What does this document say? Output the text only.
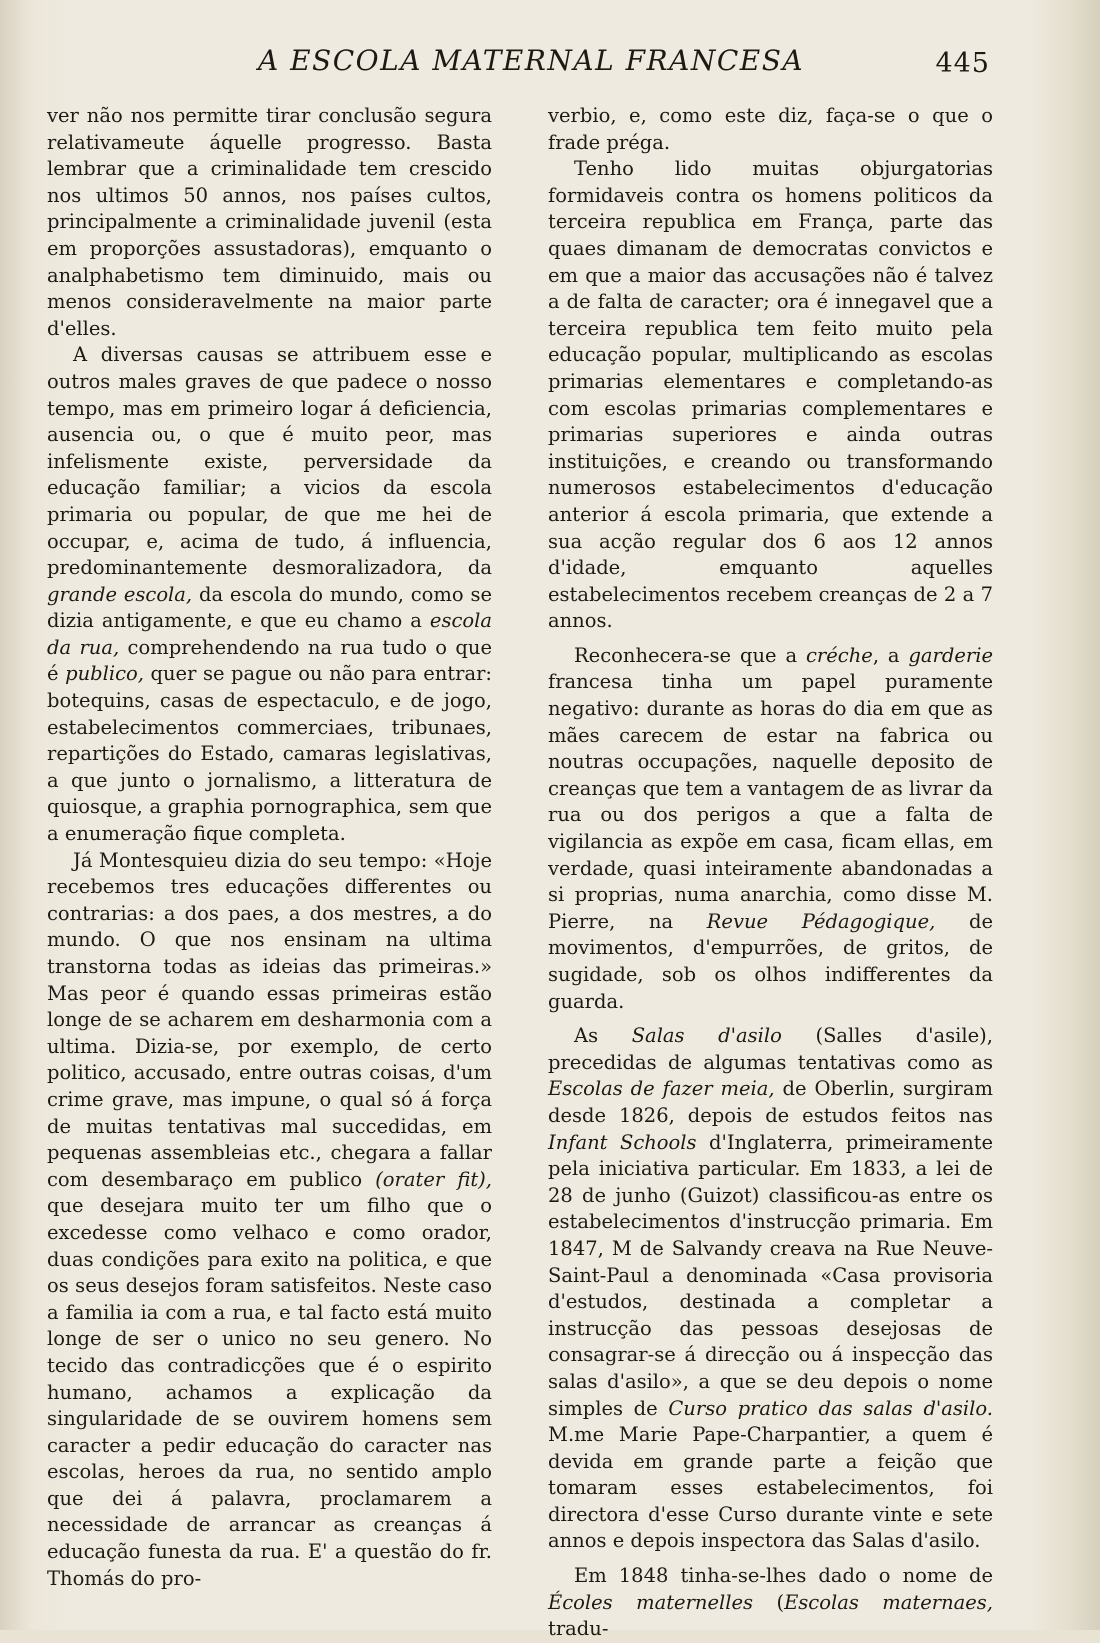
A ESCOLA MATERNAL FRANCESA	445

ver não nos permitte tirar conclusão segura relativameute áquelle progresso. Basta lembrar que a criminalidade tem crescido nos ultimos 50 annos, nos países cultos, principalmente a criminalidade juvenil (esta em proporções assustadoras), emquanto o analphabetismo tem diminuido, mais ou menos consideravelmente na maior parte d'elles.

A diversas causas se attribuem esse e outros males graves de que padece o nosso tempo, mas em primeiro logar á deficiencia, ausencia ou, o que é muito peor, mas infelismente existe, perversidade da educação familiar; a vicios da escola primaria ou popular, de que me hei de occupar, e, acima de tudo, á influencia, predominantemente desmoralizadora, da grande escola, da escola do mundo, como se dizia antigamente, e que eu chamo a escola da rua, comprehendendo na rua tudo o que é publico, quer se pague ou não para entrar: botequins, casas de espectaculo, e de jogo, estabelecimentos commerciaes, tribunaes, repartições do Estado, camaras legislativas, a que junto o jornalismo, a litteratura de quiosque, a graphia pornographica, sem que a enumeração fique completa.

Já Montesquieu dizia do seu tempo: «Hoje recebemos tres educações differentes ou contrarias: a dos paes, a dos mestres, a do mundo. O que nos ensinam na ultima transtorna todas as ideias das primeiras.» Mas peor é quando essas primeiras estão longe de se acharem em desharmonia com a ultima. Dizia-se, por exemplo, de certo politico, accusado, entre outras coisas, d'um crime grave, mas impune, o qual só á força de muitas tentativas mal succedidas, em pequenas assembleias etc., chegara a fallar com desembaraço em publico (orater fit), que desejara muito ter um filho que o excedesse como velhaco e como orador, duas condições para exito na politica, e que os seus desejos foram satisfeitos. Neste caso a familia ia com a rua, e tal facto está muito longe de ser o unico no seu genero. No tecido das contradicções que é o espirito humano, achamos a explicação da singularidade de se ouvirem homens sem caracter a pedir educação do caracter nas escolas, heroes da rua, no sentido amplo que dei á palavra, proclamarem a necessidade de arrancar as creanças á educação funesta da rua. E' a questão do fr. Thomás do pro-

verbio, e, como este diz, faça-se o que o frade préga.

Tenho lido muitas objurgatorias formidaveis contra os homens politicos da terceira republica em França, parte das quaes dimanam de democratas convictos e em que a maior das accusações não é talvez a de falta de caracter; ora é innegavel que a terceira republica tem feito muito pela educação popular, multiplicando as escolas primarias elementares e completando-as com escolas primarias complementares e primarias superiores e ainda outras instituições, e creando ou transformando numerosos estabelecimentos d'educação anterior á escola primaria, que extende a sua acção regular dos 6 aos 12 annos d'idade, emquanto aquelles estabelecimentos recebem creanças de 2 a 7 annos.

Reconhecera-se que a créche, a garderie francesa tinha um papel puramente negativo: durante as horas do dia em que as mães carecem de estar na fabrica ou noutras occupações, naquelle deposito de creanças que tem a vantagem de as livrar da rua ou dos perigos a que a falta de vigilancia as expõe em casa, ficam ellas, em verdade, quasi inteiramente abandonadas a si proprias, numa anarchia, como disse M. Pierre, na Revue Pédagogique, de movimentos, d'empurrões, de gritos, de sugidade, sob os olhos indifferentes da guarda.

As Salas d'asilo (Salles d'asile), precedidas de algumas tentativas como as Escolas de fazer meia, de Oberlin, surgiram desde 1826, depois de estudos feitos nas Infant Schools d'Inglaterra, primeiramente pela iniciativa particular. Em 1833, a lei de 28 de junho (Guizot) classificou-as entre os estabelecimentos d'instrucção primaria. Em 1847, M de Salvandy creava na Rue Neuve-Saint-Paul a denominada «Casa provisoria d'estudos, destinada a completar a instrucção das pessoas desejosas de consagrar-se á direcção ou á inspecção das salas d'asilo», a que se deu depois o nome simples de Curso pratico das salas d'asilo. M.me Marie Pape-Charpantier, a quem é devida em grande parte a feição que tomaram esses estabelecimentos, foi directora d'esse Curso durante vinte e sete annos e depois inspectora das Salas d'asilo.

Em 1848 tinha-se-lhes dado o nome de Écoles maternelles (Escolas maternaes, tradu-
